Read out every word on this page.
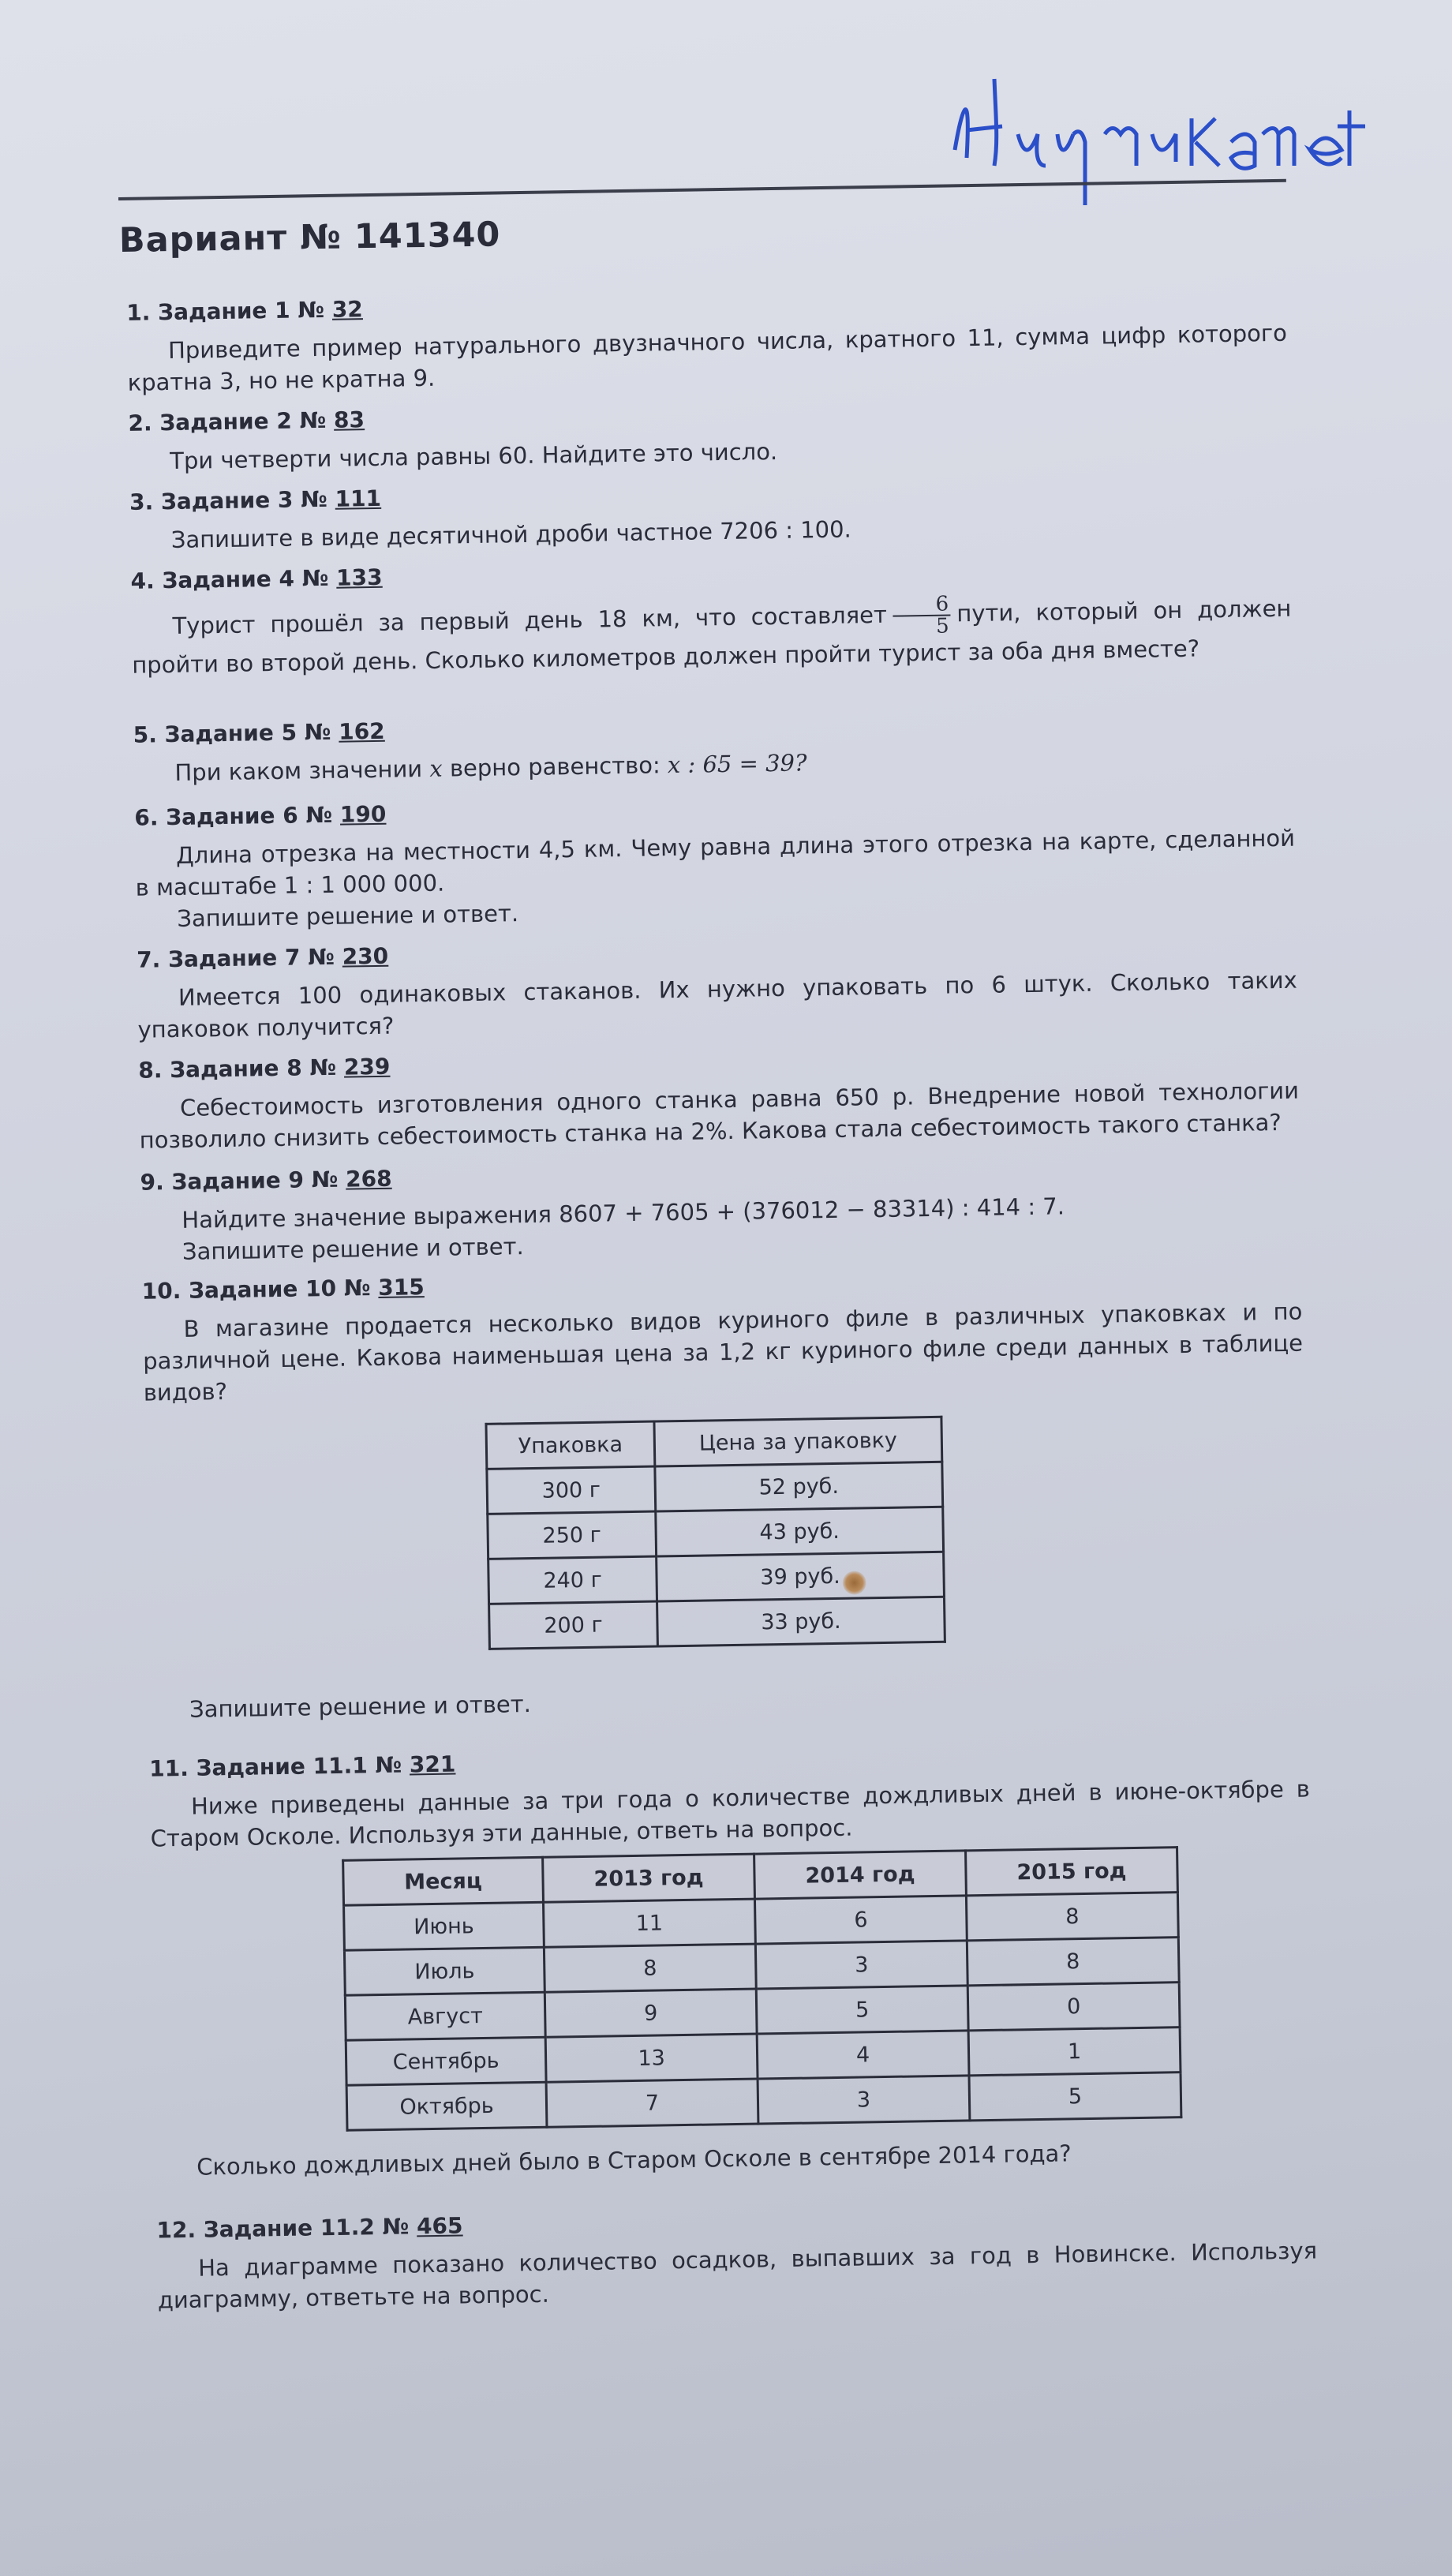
Вариант № 141340
1. Задание 1 № 32
Приведите пример натурального двузначного числа, кратного 11, сумма цифр которого кратна 3, но не кратна 9.
2. Задание 2 № 83
Три четверти числа равны 60. Найдите это число.
3. Задание 3 № 111
Запишите в виде десятичной дроби частное 7206 : 100.
4. Задание 4 № 133
Турист прошёл за первый день 18 км, что составляет $\frac{6}{5}$ пути, который он должен пройти во второй день. Сколько километров должен пройти турист за оба дня вместе?
5. Задание 5 № 162
При каком значении x верно равенство: x : 65 = 39?
6. Задание 6 № 190
Длина отрезка на местности 4,5 км. Чему равна длина этого отрезка на карте, сделанной в масштабе 1 : 1 000 000.
Запишите решение и ответ.
7. Задание 7 № 230
Имеется 100 одинаковых стаканов. Их нужно упаковать по 6 штук. Сколько таких упаковок получится?
8. Задание 8 № 239
Себестоимость изготовления одного станка равна 650 р. Внедрение новой технологии позволило снизить себестоимость станка на 2%. Какова стала себестоимость такого станка?
9. Задание 9 № 268
Найдите значение выражения 8607 + 7605 + (376012 − 83314) : 414 : 7.
Запишите решение и ответ.
10. Задание 10 № 315
В магазине продается несколько видов куриного филе в различных упаковках и по различной цене. Какова наименьшая цена за 1,2 кг куриного филе среди данных в таблице видов?
Упаковка	Цена за упаковку
300 г	52 руб.
250 г	43 руб.
240 г	39 руб.
200 г	33 руб.
Запишите решение и ответ.
11. Задание 11.1 № 321
Ниже приведены данные за три года о количестве дождливых дней в июне-октябре в Старом Осколе. Используя эти данные, ответь на вопрос.
Месяц	2013 год	2014 год	2015 год
Июнь	11	6	8
Июль	8	3	8
Август	9	5	0
Сентябрь	13	4	1
Октябрь	7	3	5
Сколько дождливых дней было в Старом Осколе в сентябре 2014 года?
12. Задание 11.2 № 465
На диаграмме показано количество осадков, выпавших за год в Новинске. Используя диаграмму, ответьте на вопрос.
